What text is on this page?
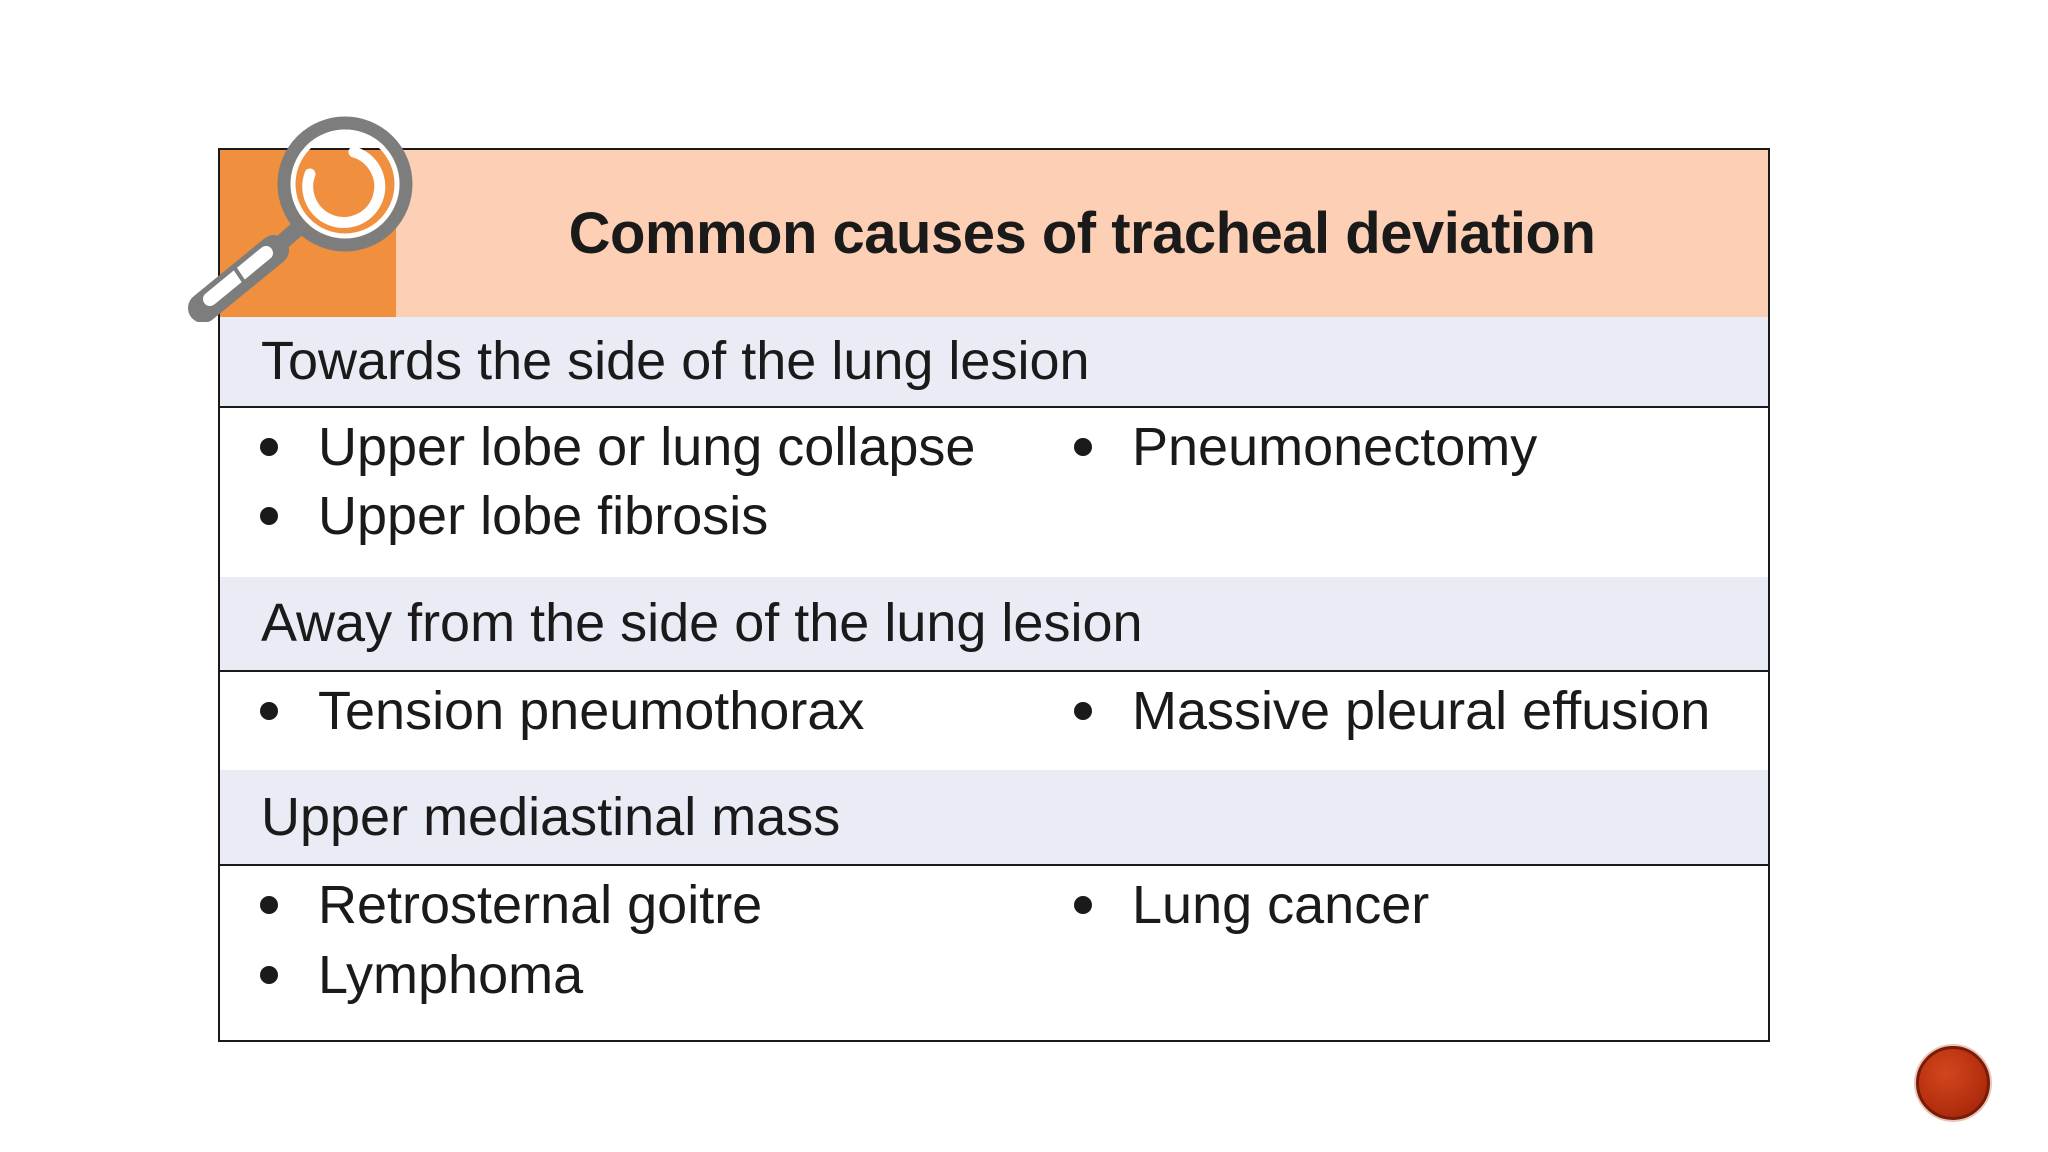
Common causes of tracheal deviation
Towards the side of the lung lesion
Upper lobe or lung collapse
Upper lobe fibrosis
Pneumonectomy
Away from the side of the lung lesion
Tension pneumothorax	Massive pleural effusion
Upper mediastinal mass
Retrosternal goitre
Lymphoma
Lung cancer
